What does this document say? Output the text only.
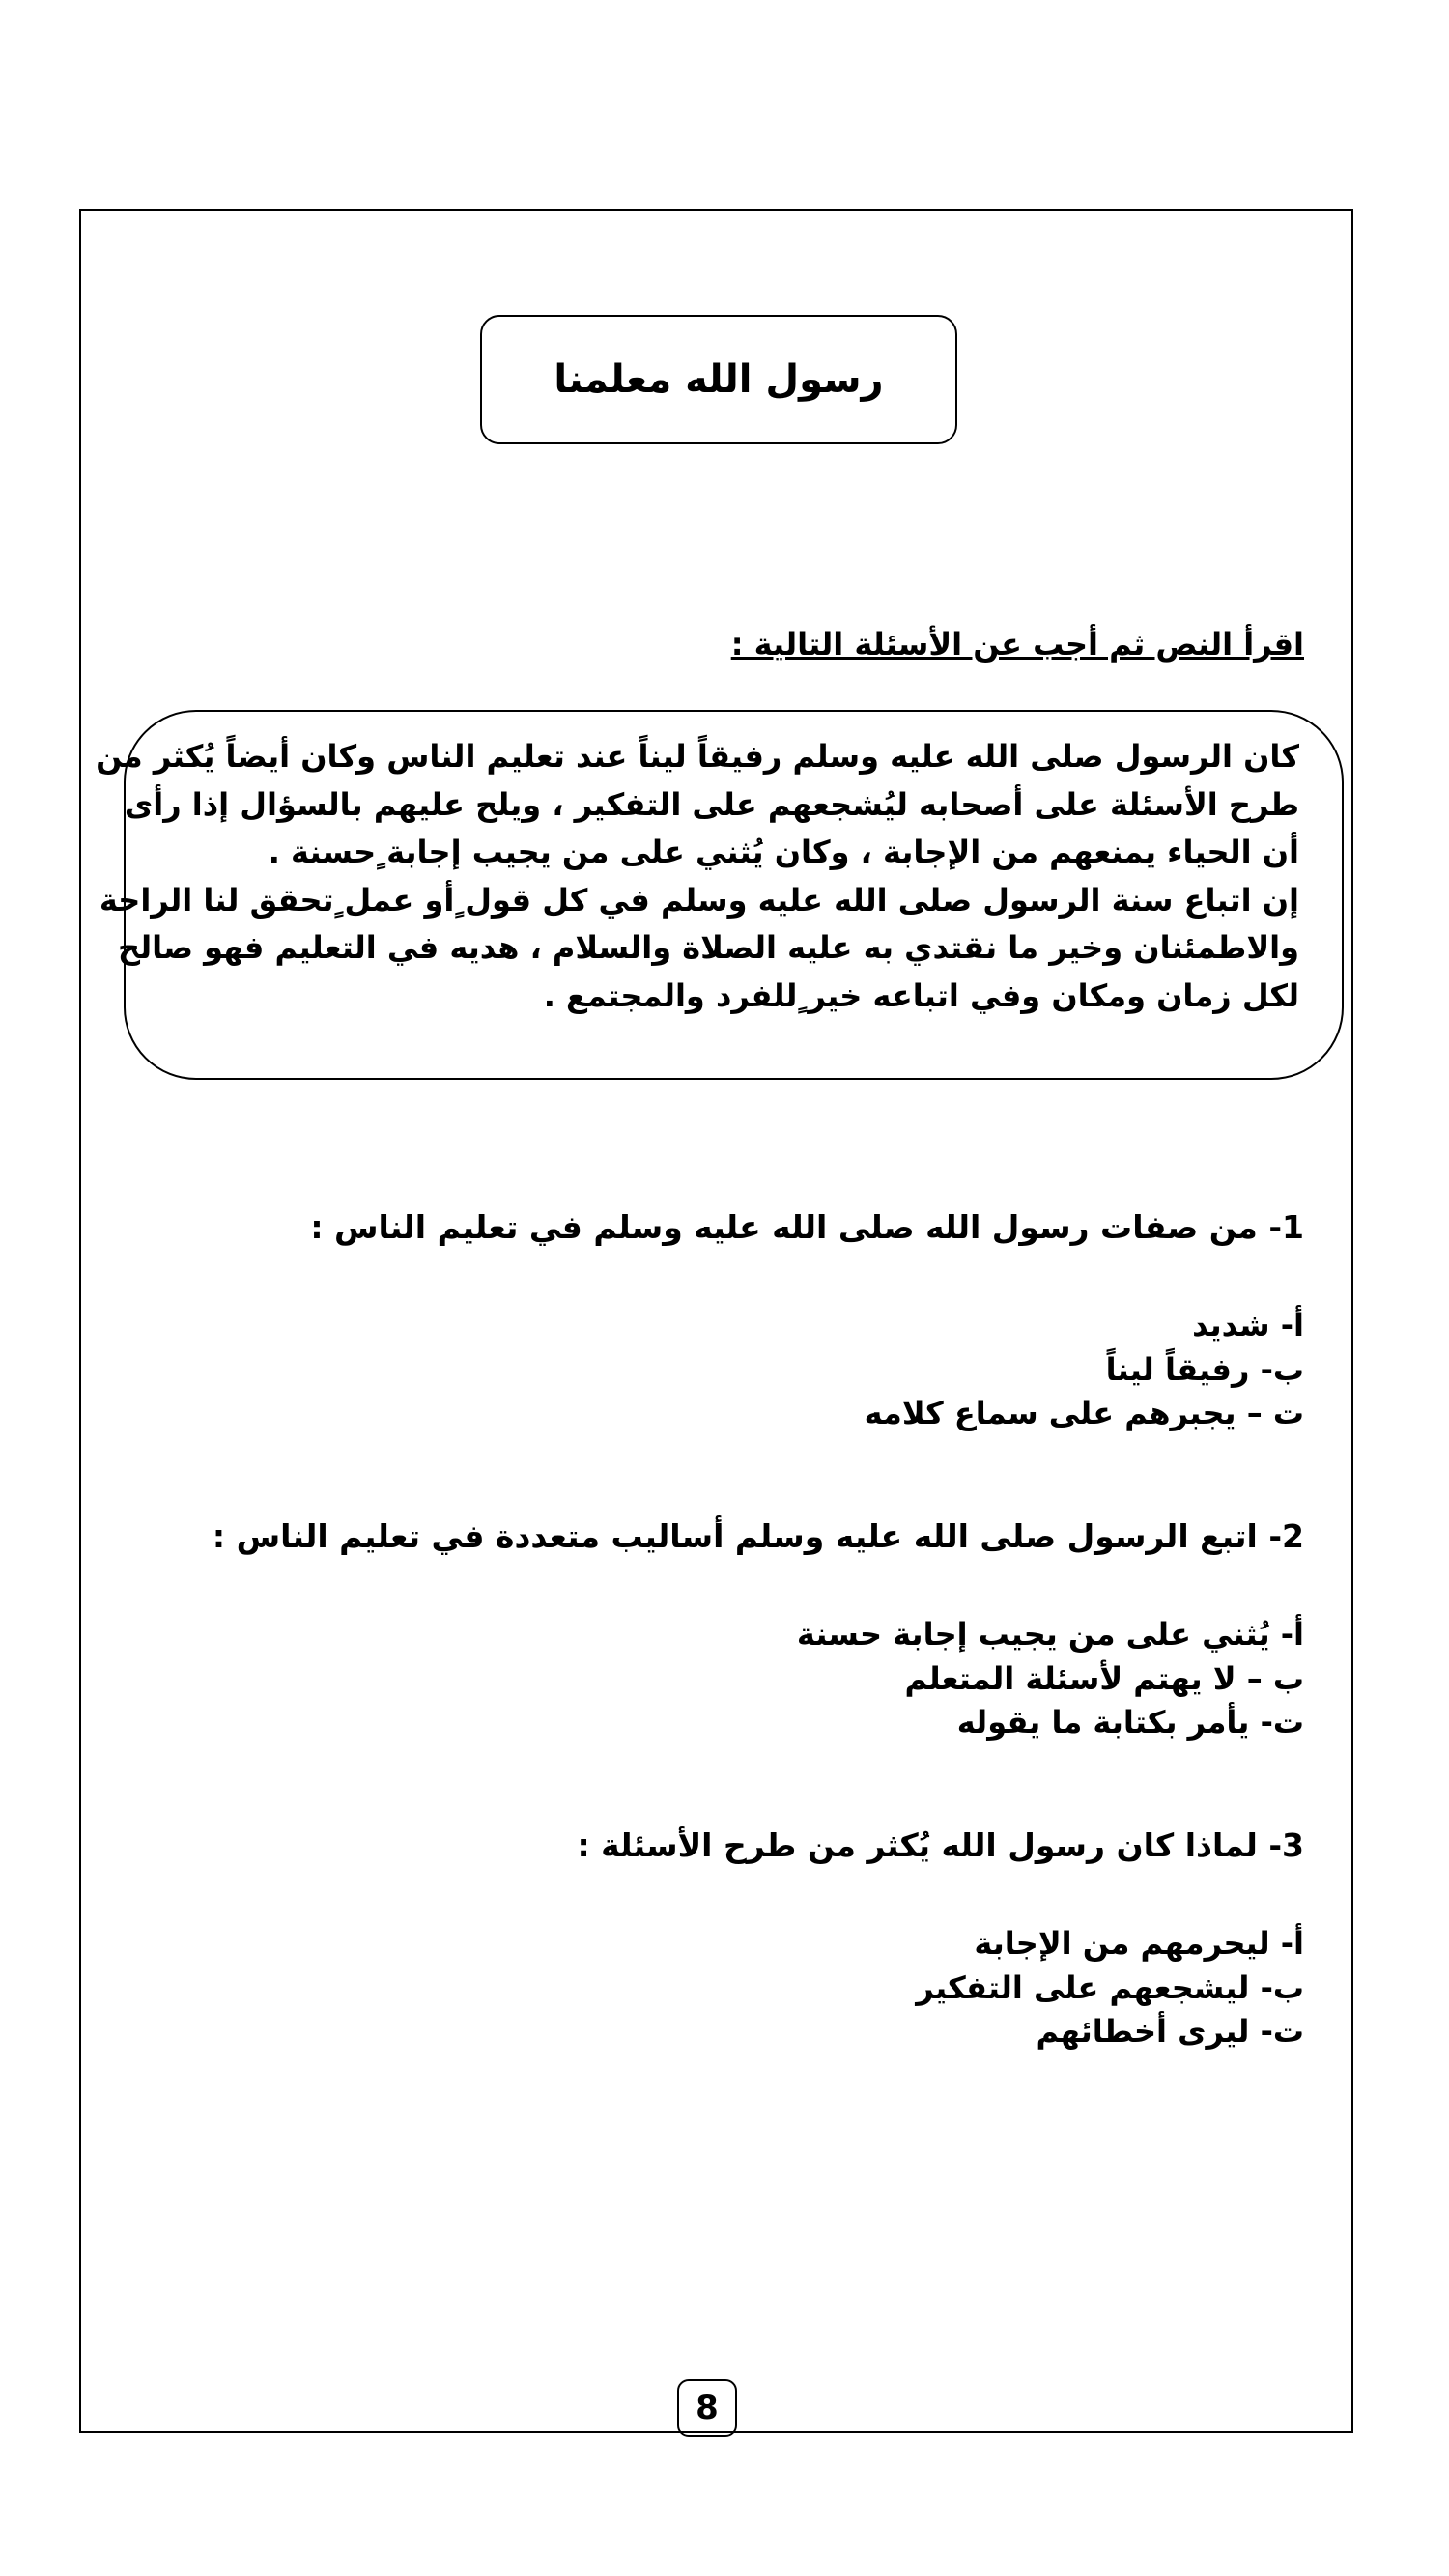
رسول الله معلمنا
اقرأ النص ثم أجب عن الأسئلة التالية :
كان الرسول صلى الله عليه وسلم رفيقاً ليناً عند تعليم الناس وكان أيضاً يُكثر من
طرح الأسئلة على أصحابه ليُشجعهم على التفكير ، ويلح عليهم بالسؤال إذا رأى
أن الحياء يمنعهم من الإجابة ، وكان يُثني على من يجيب إجابة ٍحسنة .
إن اتباع سنة الرسول صلى الله عليه وسلم في كل قول ٍأو عمل ٍتحقق لنا الراحة
والاطمئنان وخير ما نقتدي به عليه الصلاة والسلام ، هديه في التعليم فهو صالح
لكل زمان ومكان وفي اتباعه خير ٍللفرد والمجتمع .
1- من صفات رسول الله صلى الله عليه وسلم في تعليم الناس :
أ- شديد
ب- رفيقاً ليناً
ت – يجبرهم على سماع كلامه
2- اتبع الرسول صلى الله عليه وسلم أساليب متعددة في تعليم الناس :
أ- يُثني على من يجيب إجابة حسنة
ب – لا يهتم لأسئلة المتعلم
ت- يأمر بكتابة ما يقوله
3- لماذا كان رسول الله يُكثر من طرح الأسئلة :
أ- ليحرمهم من الإجابة
ب- ليشجعهم على التفكير
ت- ليرى أخطائهم
8
